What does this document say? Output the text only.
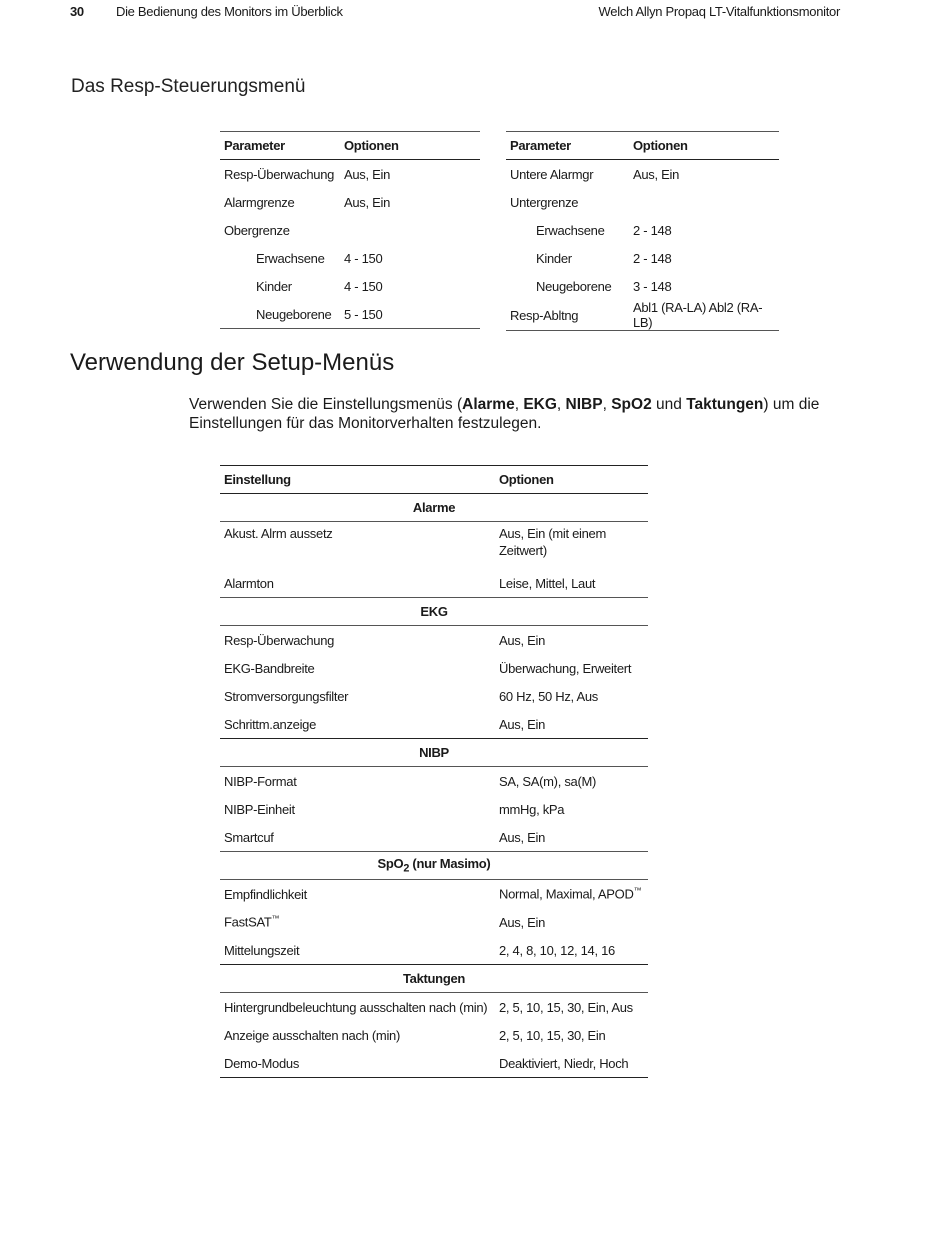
30 Die Bedienung des Monitors im Überblick	Welch Allyn Propaq LT-Vitalfunktionsmonitor
Das Resp-Steuerungsmenü
Parameter	Optionen
Resp-Überwachung	Aus, Ein
Alarmgrenze	Aus, Ein
Obergrenze	
Erwachsene	4 - 150
Kinder	4 - 150
Neugeborene	5 - 150
Parameter	Optionen
Untere Alarmgr	Aus, Ein
Untergrenze	
Erwachsene	2 - 148
Kinder	2 - 148
Neugeborene	3 - 148
Resp-Abltng	Abl1 (RA-LA) Abl2 (RA-LB)
Verwendung der Setup-Menüs

Verwenden Sie die Einstellungsmenüs (Alarme, EKG, NIBP, SpO2 und Taktungen) um die Einstellungen für das Monitorverhalten festzulegen.

Einstellung	Optionen
Alarme	
Akust. Alrm aussetz	Aus, Ein (mit einem Zeitwert)
Alarmton	Leise, Mittel, Laut
EKG	
Resp-Überwachung	Aus, Ein
EKG-Bandbreite	Überwachung, Erweitert
Stromversorgungsfilter	60 Hz, 50 Hz, Aus
Schrittm.anzeige	Aus, Ein
NIBP	
NIBP-Format	SA, SA(m), sa(M)
NIBP-Einheit	mmHg, kPa
Smartcuf	Aus, Ein
SpO$_2$ (nur Masimo)	
Empfindlichkeit	Normal, Maximal, APOD™
FastSAT™	Aus, Ein
Mittelungszeit	2, 4, 8, 10, 12, 14, 16
Taktungen	
Hintergrundbeleuchtung ausschalten nach (min)	2, 5, 10, 15, 30, Ein, Aus
Anzeige ausschalten nach (min)	2, 5, 10, 15, 30, Ein
Demo-Modus	Deaktiviert, Niedr, Hoch
